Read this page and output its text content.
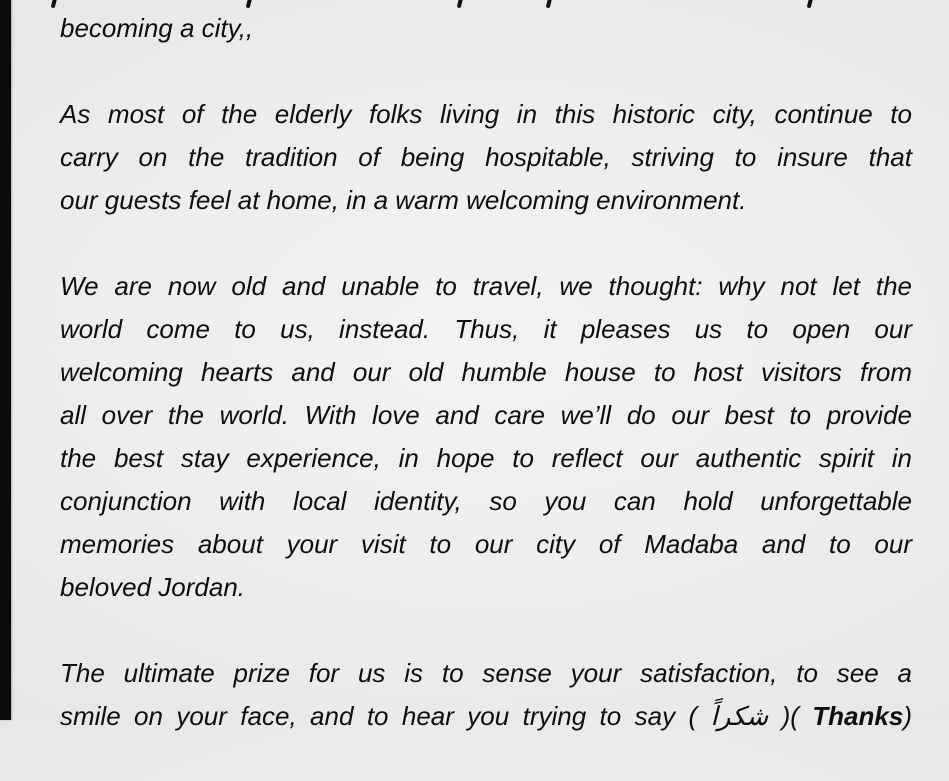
becoming a city,,
As most of the elderly folks living in this historic city, continue to
carry on the tradition of being hospitable, striving to insure that
our guests feel at home, in a warm welcoming environment.
We are now old and unable to travel, we thought: why not let the
world come to us, instead. Thus, it pleases us to open our
welcoming hearts and our old humble house to host visitors from
all over the world. With love and care we’ll do our best to provide
the best stay experience, in hope to reflect our authentic spirit in
conjunction with local identity, so you can hold unforgettable
memories about your visit to our city of Madaba and to our
beloved Jordan.
The ultimate prize for us is to sense your satisfaction, to see a
smile on your face, and to hear you trying to say ( شكراً )( Thanks)
